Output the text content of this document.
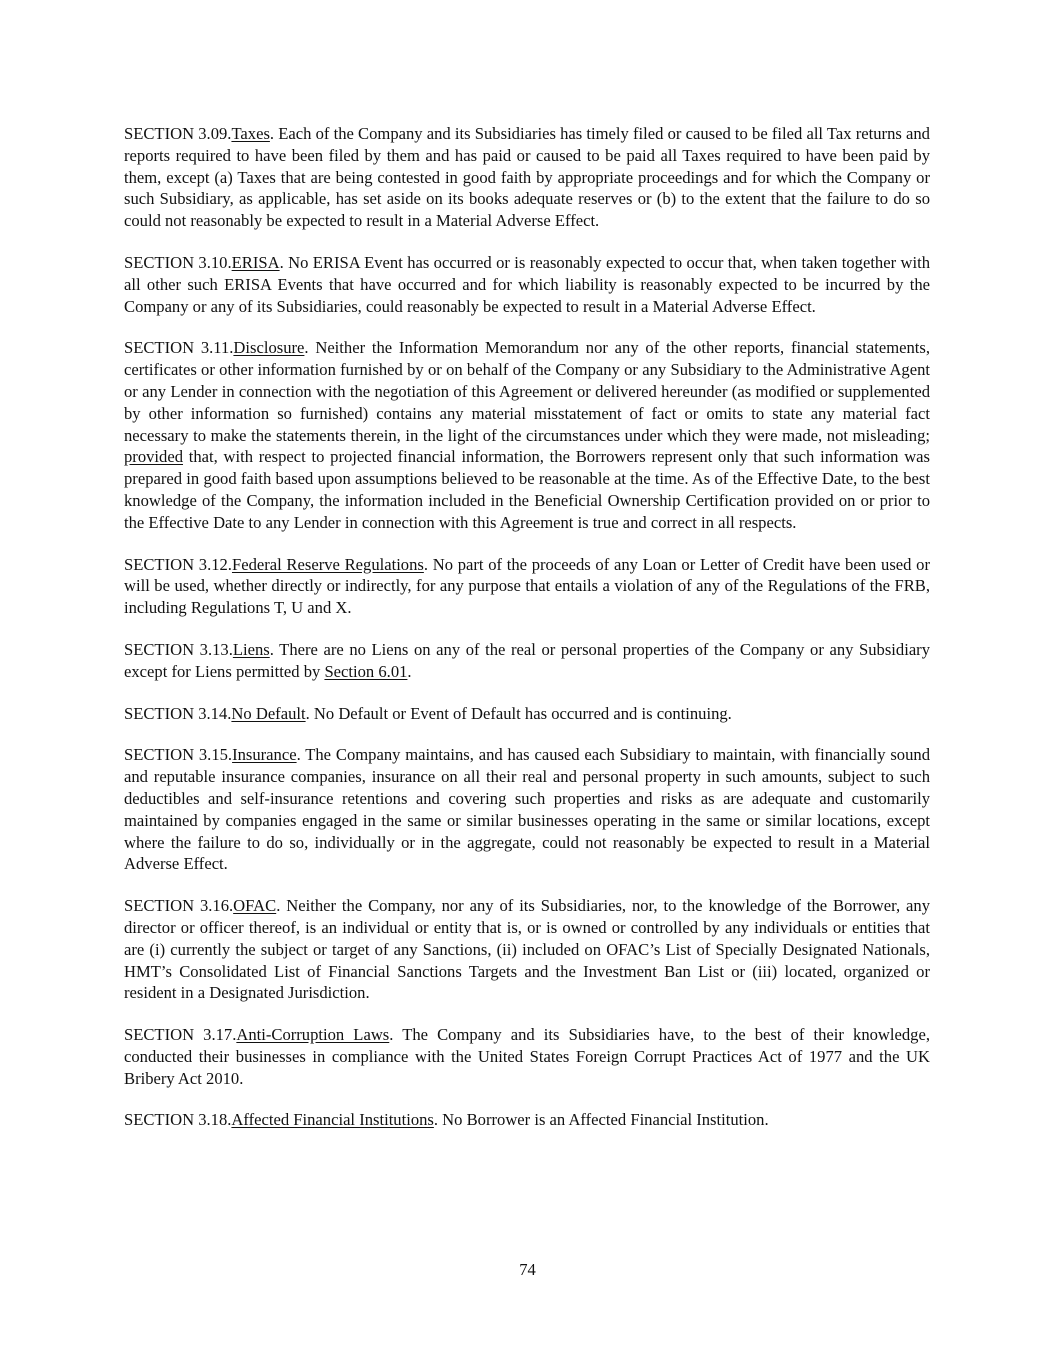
SECTION 3.09.Taxes. Each of the Company and its Subsidiaries has timely filed or caused to be filed all Tax returns and reports required to have been filed by them and has paid or caused to be paid all Taxes required to have been paid by them, except (a) Taxes that are being contested in good faith by appropriate proceedings and for which the Company or such Subsidiary, as applicable, has set aside on its books adequate reserves or (b) to the extent that the failure to do so could not reasonably be expected to result in a Material Adverse Effect.

SECTION 3.10.ERISA. No ERISA Event has occurred or is reasonably expected to occur that, when taken together with all other such ERISA Events that have occurred and for which liability is reasonably expected to be incurred by the Company or any of its Subsidiaries, could reasonably be expected to result in a Material Adverse Effect.

SECTION 3.11.Disclosure. Neither the Information Memorandum nor any of the other reports, financial statements, certificates or other information furnished by or on behalf of the Company or any Subsidiary to the Administrative Agent or any Lender in connection with the negotiation of this Agreement or delivered hereunder (as modified or supplemented by other information so furnished) contains any material misstatement of fact or omits to state any material fact necessary to make the statements therein, in the light of the circumstances under which they were made, not misleading; provided that, with respect to projected financial information, the Borrowers represent only that such information was prepared in good faith based upon assumptions believed to be reasonable at the time. As of the Effective Date, to the best knowledge of the Company, the information included in the Beneficial Ownership Certification provided on or prior to the Effective Date to any Lender in connection with this Agreement is true and correct in all respects.

SECTION 3.12.Federal Reserve Regulations. No part of the proceeds of any Loan or Letter of Credit have been used or will be used, whether directly or indirectly, for any purpose that entails a violation of any of the Regulations of the FRB, including Regulations T, U and X.

SECTION 3.13.Liens. There are no Liens on any of the real or personal properties of the Company or any Subsidiary except for Liens permitted by Section 6.01.

SECTION 3.14.No Default. No Default or Event of Default has occurred and is continuing.

SECTION 3.15.Insurance. The Company maintains, and has caused each Subsidiary to maintain, with financially sound and reputable insurance companies, insurance on all their real and personal property in such amounts, subject to such deductibles and self-insurance retentions and covering such properties and risks as are adequate and customarily maintained by companies engaged in the same or similar businesses operating in the same or similar locations, except where the failure to do so, individually or in the aggregate, could not reasonably be expected to result in a Material Adverse Effect.

SECTION 3.16.OFAC. Neither the Company, nor any of its Subsidiaries, nor, to the knowledge of the Borrower, any director or officer thereof, is an individual or entity that is, or is owned or controlled by any individuals or entities that are (i) currently the subject or target of any Sanctions, (ii) included on OFAC’s List of Specially Designated Nationals, HMT’s Consolidated List of Financial Sanctions Targets and the Investment Ban List or (iii) located, organized or resident in a Designated Jurisdiction.

SECTION 3.17.Anti-Corruption Laws. The Company and its Subsidiaries have, to the best of their knowledge, conducted their businesses in compliance with the United States Foreign Corrupt Practices Act of 1977 and the UK Bribery Act 2010.

SECTION 3.18.Affected Financial Institutions. No Borrower is an Affected Financial Institution.

74
